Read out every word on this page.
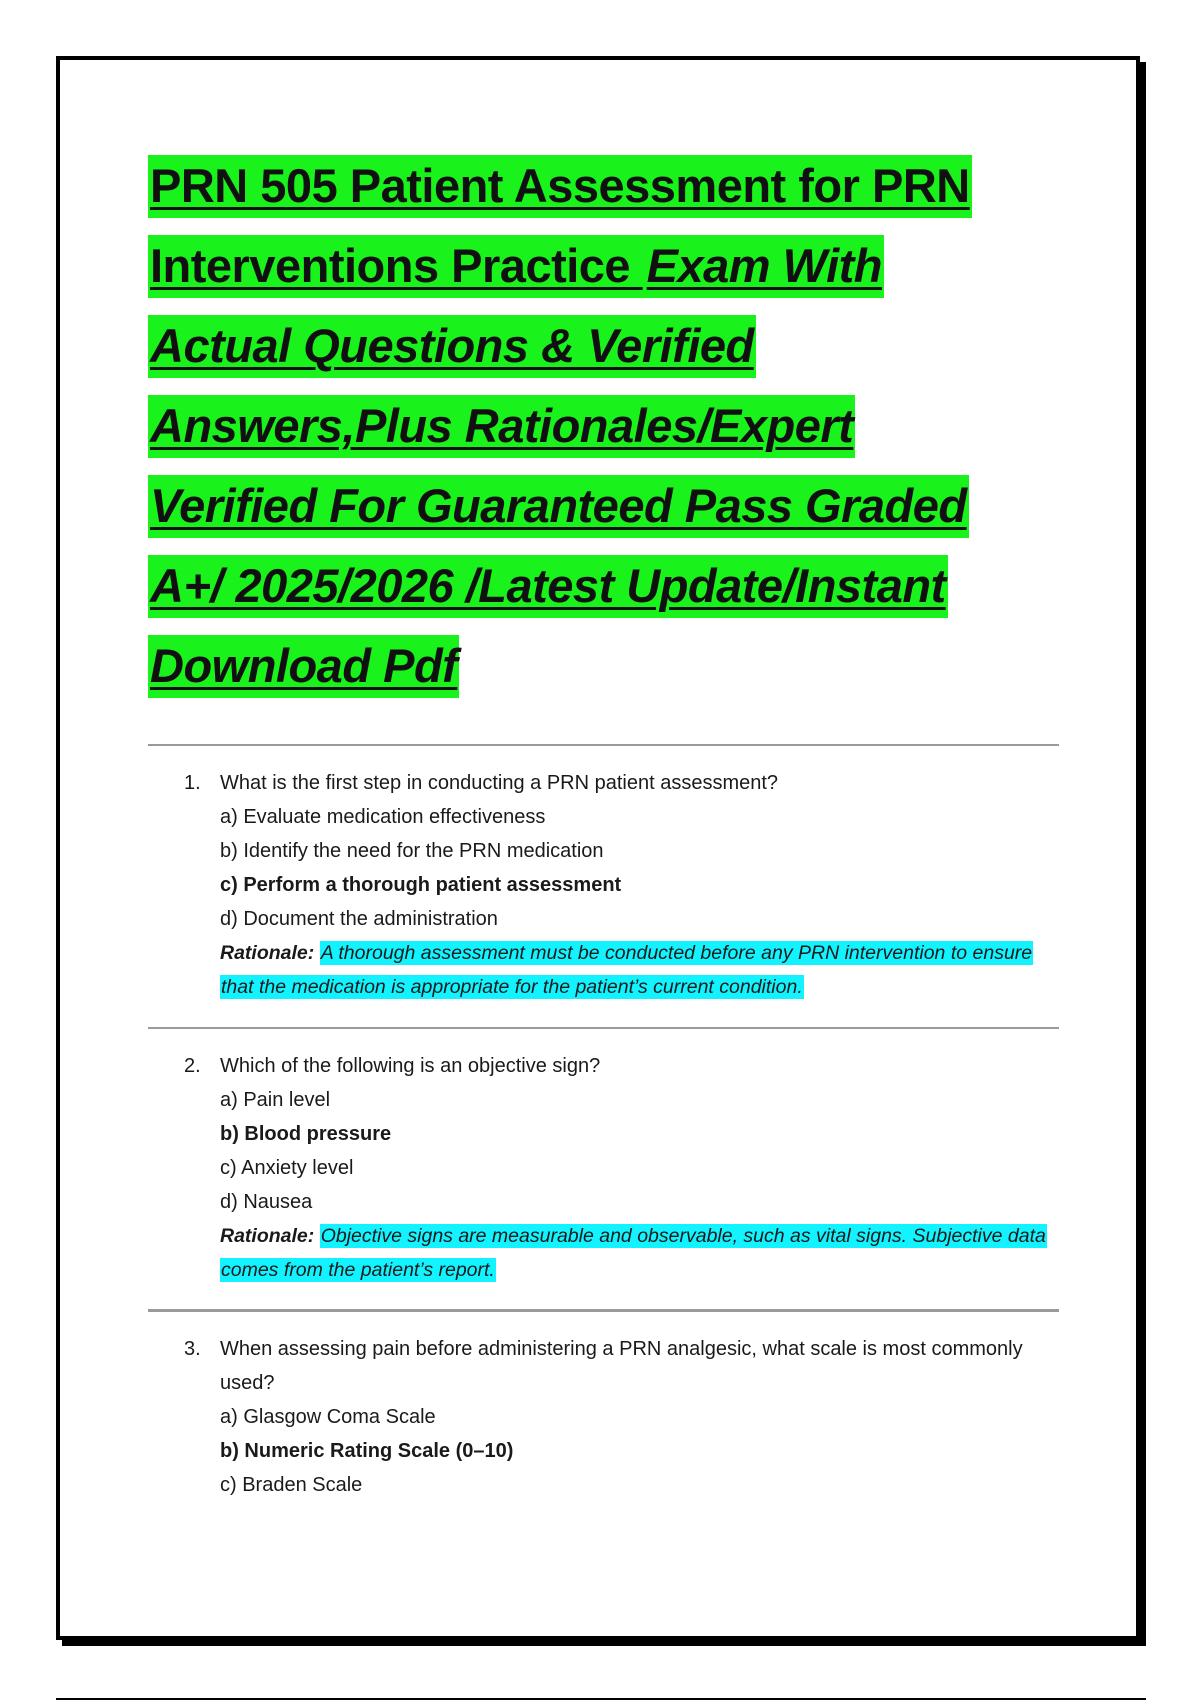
PRN 505 Patient Assessment for PRN
Interventions Practice Exam With
Actual Questions & Verified
Answers,Plus Rationales/Expert
Verified For Guaranteed Pass Graded
A+/ 2025/2026 /Latest Update/Instant
Download Pdf
1. What is the first step in conducting a PRN patient assessment?
a) Evaluate medication effectiveness
b) Identify the need for the PRN medication
c) Perform a thorough patient assessment
d) Document the administration
Rationale: A thorough assessment must be conducted before any PRN intervention to ensure that the medication is appropriate for the patient’s current condition.
2. Which of the following is an objective sign?
a) Pain level
b) Blood pressure
c) Anxiety level
d) Nausea
Rationale: Objective signs are measurable and observable, such as vital signs. Subjective data comes from the patient’s report.
3. When assessing pain before administering a PRN analgesic, what scale is most commonly used?
a) Glasgow Coma Scale
b) Numeric Rating Scale (0–10)
c) Braden Scale
